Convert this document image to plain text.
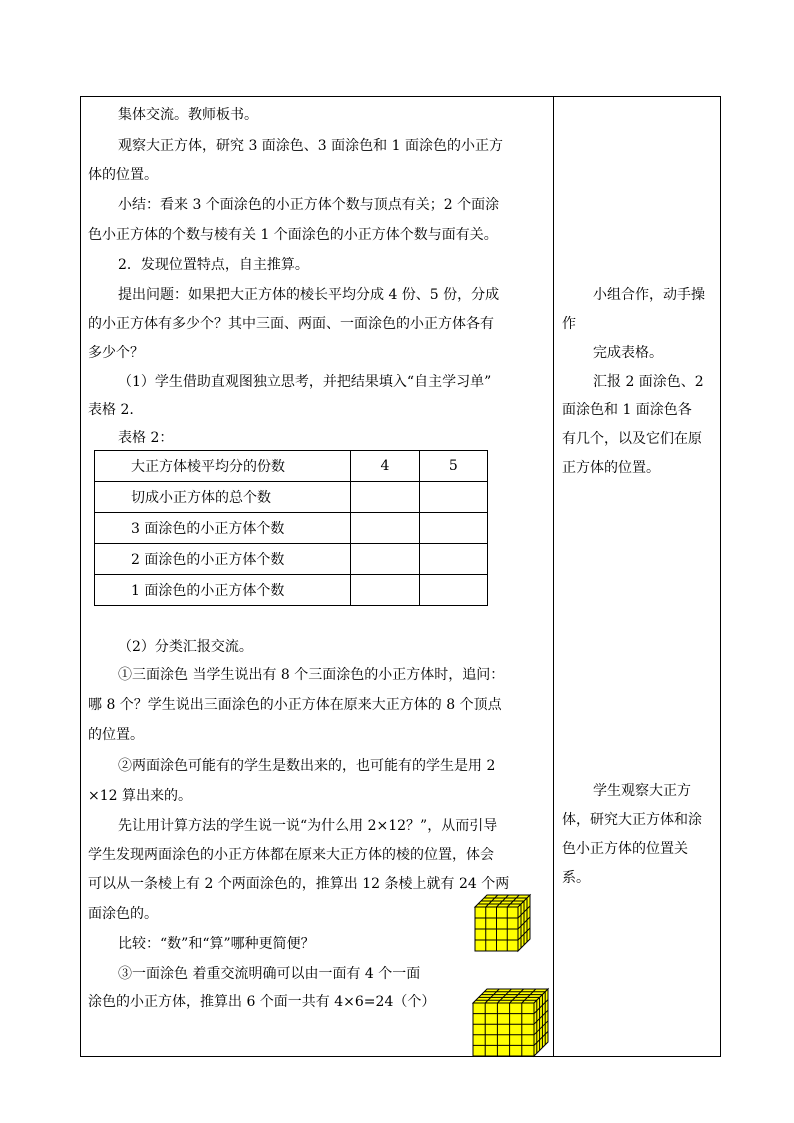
集体交流。教师板书。
观察大正方体，研究 3 面涂色、3 面涂色和 1 面涂色的小正方
体的位置。
小结：看来 3 个面涂色的小正方体个数与顶点有关；2 个面涂
色小正方体的个数与棱有关 1 个面涂色的小正方体个数与面有关。
2．发现位置特点，自主推算。
提出问题：如果把大正方体的棱长平均分成 4 份、5 份，分成
的小正方体有多少个？其中三面、两面、一面涂色的小正方体各有
多少个？
（1）学生借助直观图独立思考，并把结果填入“自主学习单”
表格 2.
表格 2：
大正方体棱平均分的份数	4	5
切成小正方体的总个数		
3 面涂色的小正方体个数		
2 面涂色的小正方体个数		
1 面涂色的小正方体个数		
（2）分类汇报交流。
①三面涂色 当学生说出有 8 个三面涂色的小正方体时，追问：
哪 8 个？学生说出三面涂色的小正方体在原来大正方体的 8 个顶点
的位置。
②两面涂色可能有的学生是数出来的，也可能有的学生是用 2
×12 算出来的。
先让用计算方法的学生说一说“为什么用 2×12？”，从而引导
学生发现两面涂色的小正方体都在原来大正方体的棱的位置，体会
可以从一条棱上有 2 个两面涂色的，推算出 12 条棱上就有 24 个两
面涂色的。
比较：“数”和“算”哪种更简便？
③一面涂色 着重交流明确可以由一面有 4 个一面
涂色的小正方体，推算出 6 个面一共有 4×6=24（个）
小组合作，动手操
作
完成表格。
汇报 2 面涂色、2
面涂色和 1 面涂色各
有几个，以及它们在原
正方体的位置。
学生观察大正方
体，研究大正方体和涂
色小正方体的位置关
系。
